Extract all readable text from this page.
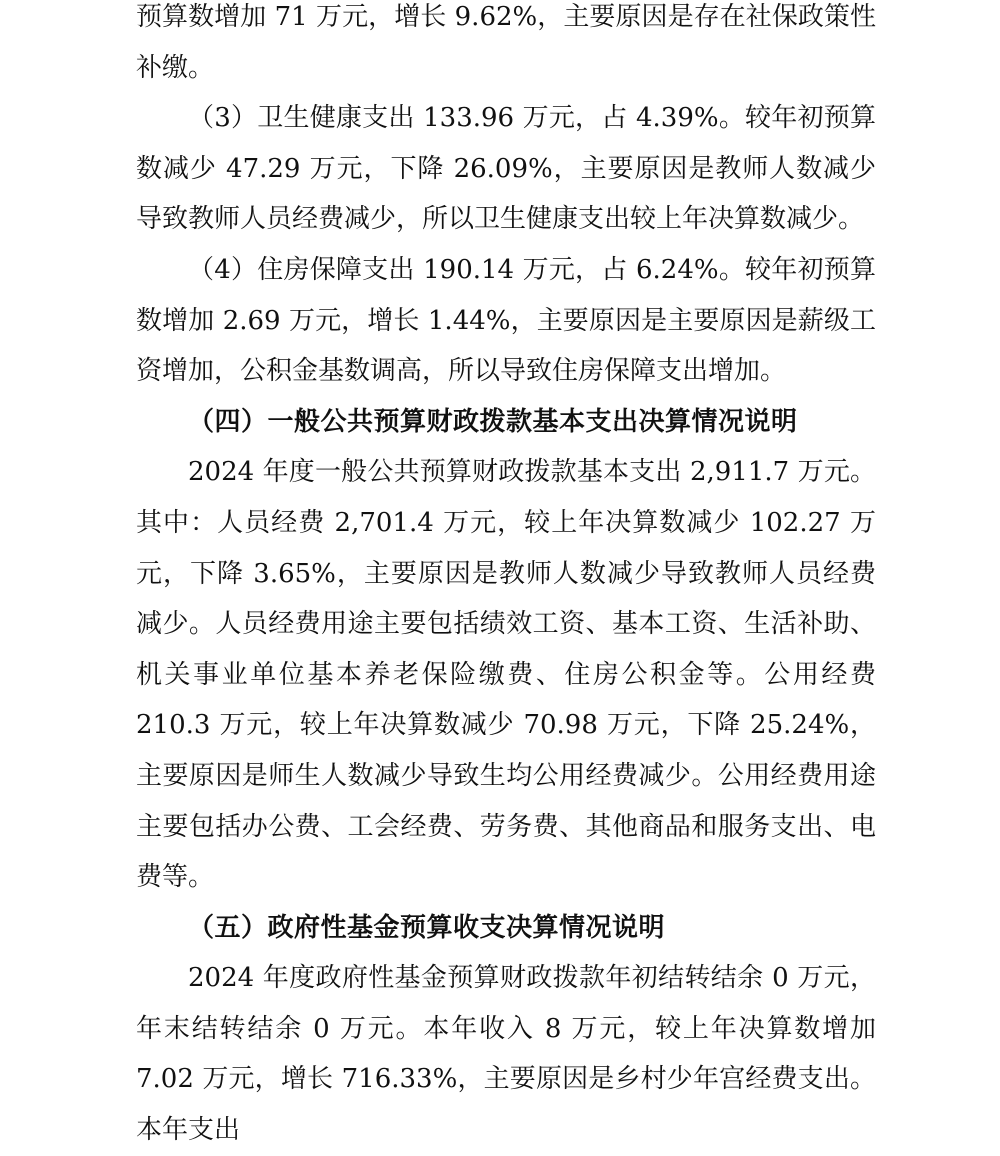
预算数增加 71 万元，增长 9.62%，主要原因是存在社保政策性补缴。

（3）卫生健康支出 133.96 万元，占 4.39%。较年初预算数减少 47.29 万元，下降 26.09%，主要原因是教师人数减少导致教师人员经费减少，所以卫生健康支出较上年决算数减少。

（4）住房保障支出 190.14 万元，占 6.24%。较年初预算数增加 2.69 万元，增长 1.44%，主要原因是主要原因是薪级工资增加，公积金基数调高，所以导致住房保障支出增加。

（四）一般公共预算财政拨款基本支出决算情况说明

2024 年度一般公共预算财政拨款基本支出 2,911.7 万元。其中：人员经费 2,701.4 万元，较上年决算数减少 102.27 万元，下降 3.65%，主要原因是教师人数减少导致教师人员经费减少。人员经费用途主要包括绩效工资、基本工资、生活补助、机关事业单位基本养老保险缴费、住房公积金等。公用经费 210.3 万元，较上年决算数减少 70.98 万元，下降 25.24%，主要原因是师生人数减少导致生均公用经费减少。公用经费用途主要包括办公费、工会经费、劳务费、其他商品和服务支出、电费等。

（五）政府性基金预算收支决算情况说明

2024 年度政府性基金预算财政拨款年初结转结余 0 万元，年末结转结余 0 万元。本年收入 8 万元，较上年决算数增加 7.02 万元，增长 716.33%，主要原因是乡村少年宫经费支出。本年支出
